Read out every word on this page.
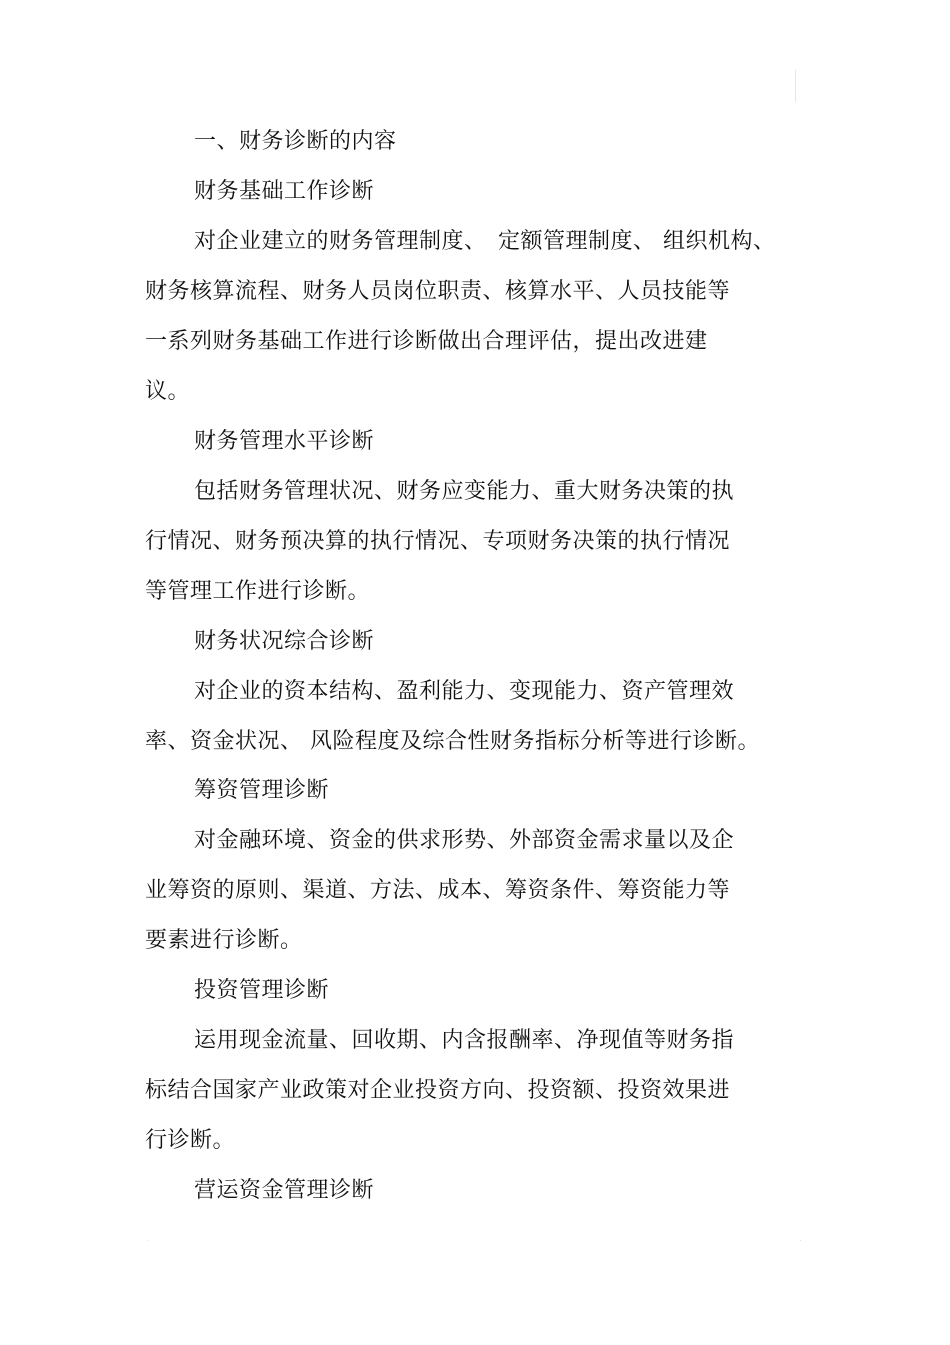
一、财务诊断的内容
财务基础工作诊断
对企业建立的财务管理制度、　定额管理制度、 组织机构、
财务核算流程、财务人员岗位职责、核算水平、人员技能等
一系列财务基础工作进行诊断做出合理评估，提出改进建
议。
财务管理水平诊断
包括财务管理状况、财务应变能力、重大财务决策的执
行情况、财务预决算的执行情况、专项财务决策的执行情况
等管理工作进行诊断。
财务状况综合诊断
对企业的资本结构、盈利能力、变现能力、资产管理效
率、资金状况、 风险程度及综合性财务指标分析等进行诊断。
筹资管理诊断
对金融环境、资金的供求形势、外部资金需求量以及企
业筹资的原则、渠道、方法、成本、筹资条件、筹资能力等
要素进行诊断。
投资管理诊断
运用现金流量、回收期、内含报酬率、净现值等财务指
标结合国家产业政策对企业投资方向、投资额、投资效果进
行诊断。
营运资金管理诊断
